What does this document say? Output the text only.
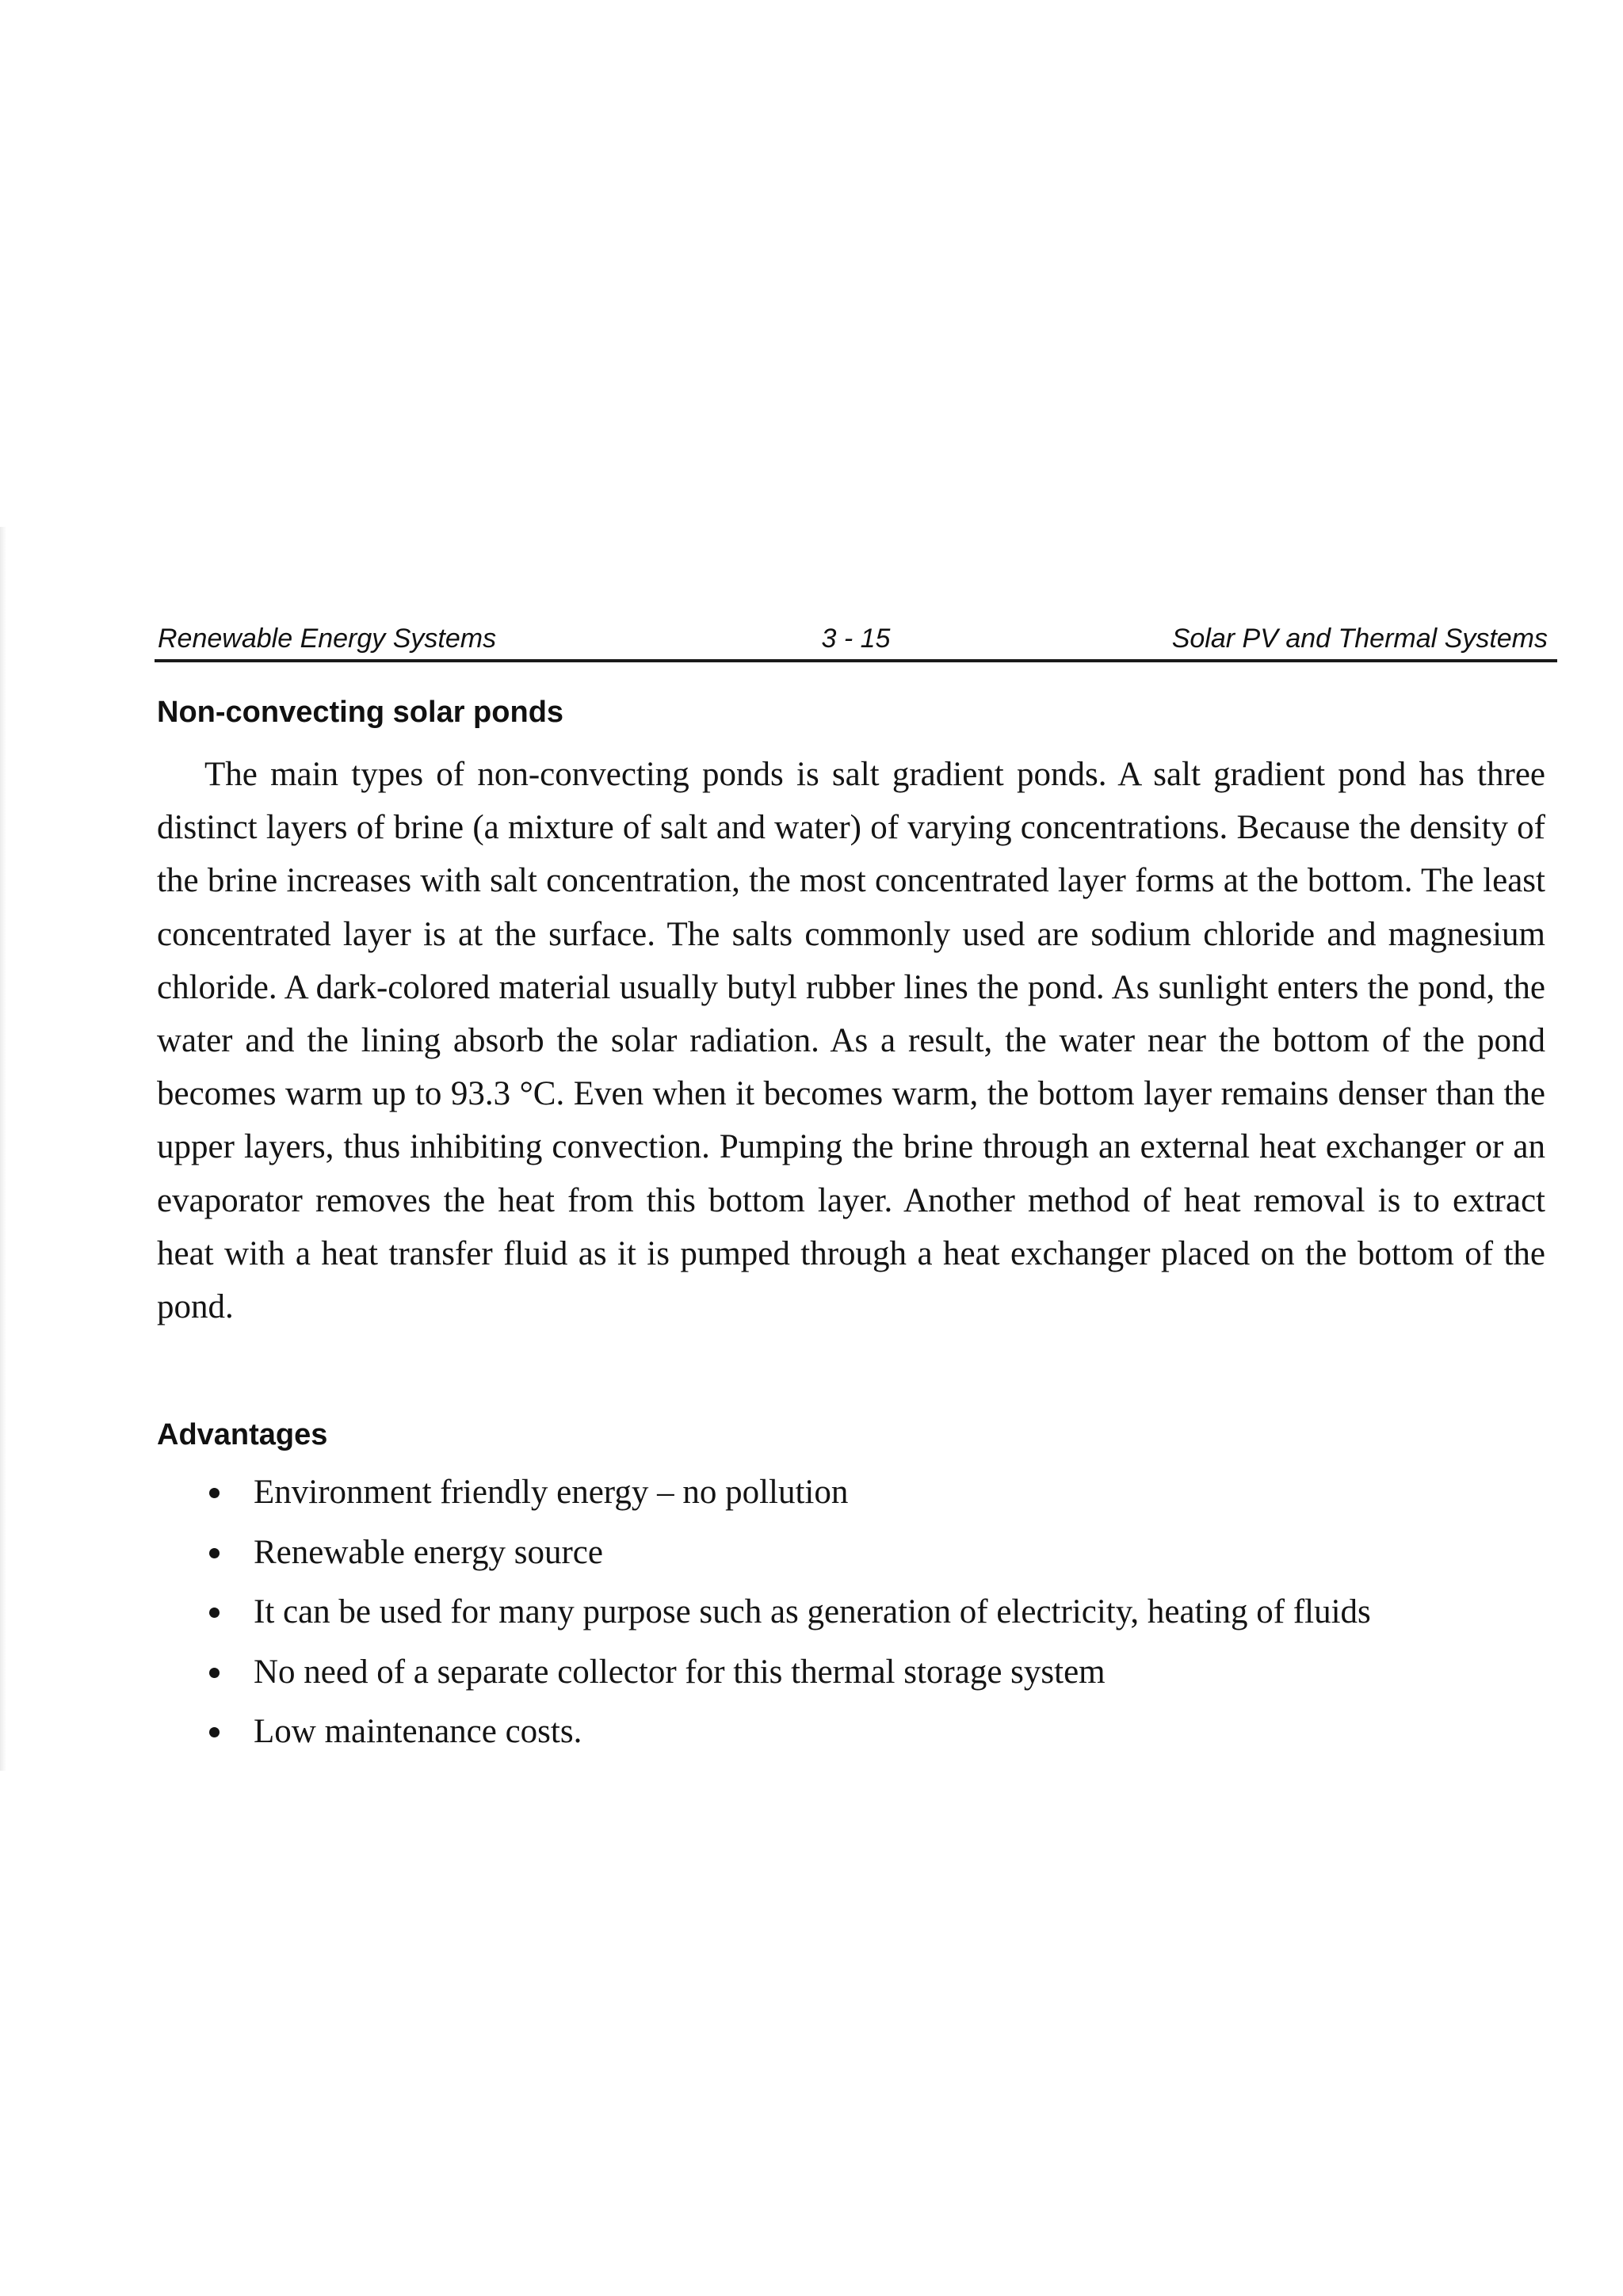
Renewable Energy Systems	3 - 15	Solar PV and Thermal Systems
Non-convecting solar ponds

The main types of non-convecting ponds is salt gradient ponds. A salt gradient pond has three distinct layers of brine (a mixture of salt and water) of varying concentrations. Because the density of the brine increases with salt concentration, the most concentrated layer forms at the bottom. The least concentrated layer is at the surface. The salts commonly used are sodium chloride and magnesium chloride. A dark-colored material usually butyl rubber lines the pond. As sunlight enters the pond, the water and the lining absorb the solar radiation. As a result, the water near the bottom of the pond becomes warm up to 93.3 °C. Even when it becomes warm, the bottom layer remains denser than the upper layers, thus inhibiting convection. Pumping the brine through an external heat exchanger or an evaporator removes the heat from this bottom layer. Another method of heat removal is to extract heat with a heat transfer fluid as it is pumped through a heat exchanger placed on the bottom of the pond.

Advantages
Environment friendly energy – no pollution
Renewable energy source
It can be used for many purpose such as generation of electricity, heating of fluids
No need of a separate collector for this thermal storage system
Low maintenance costs.
